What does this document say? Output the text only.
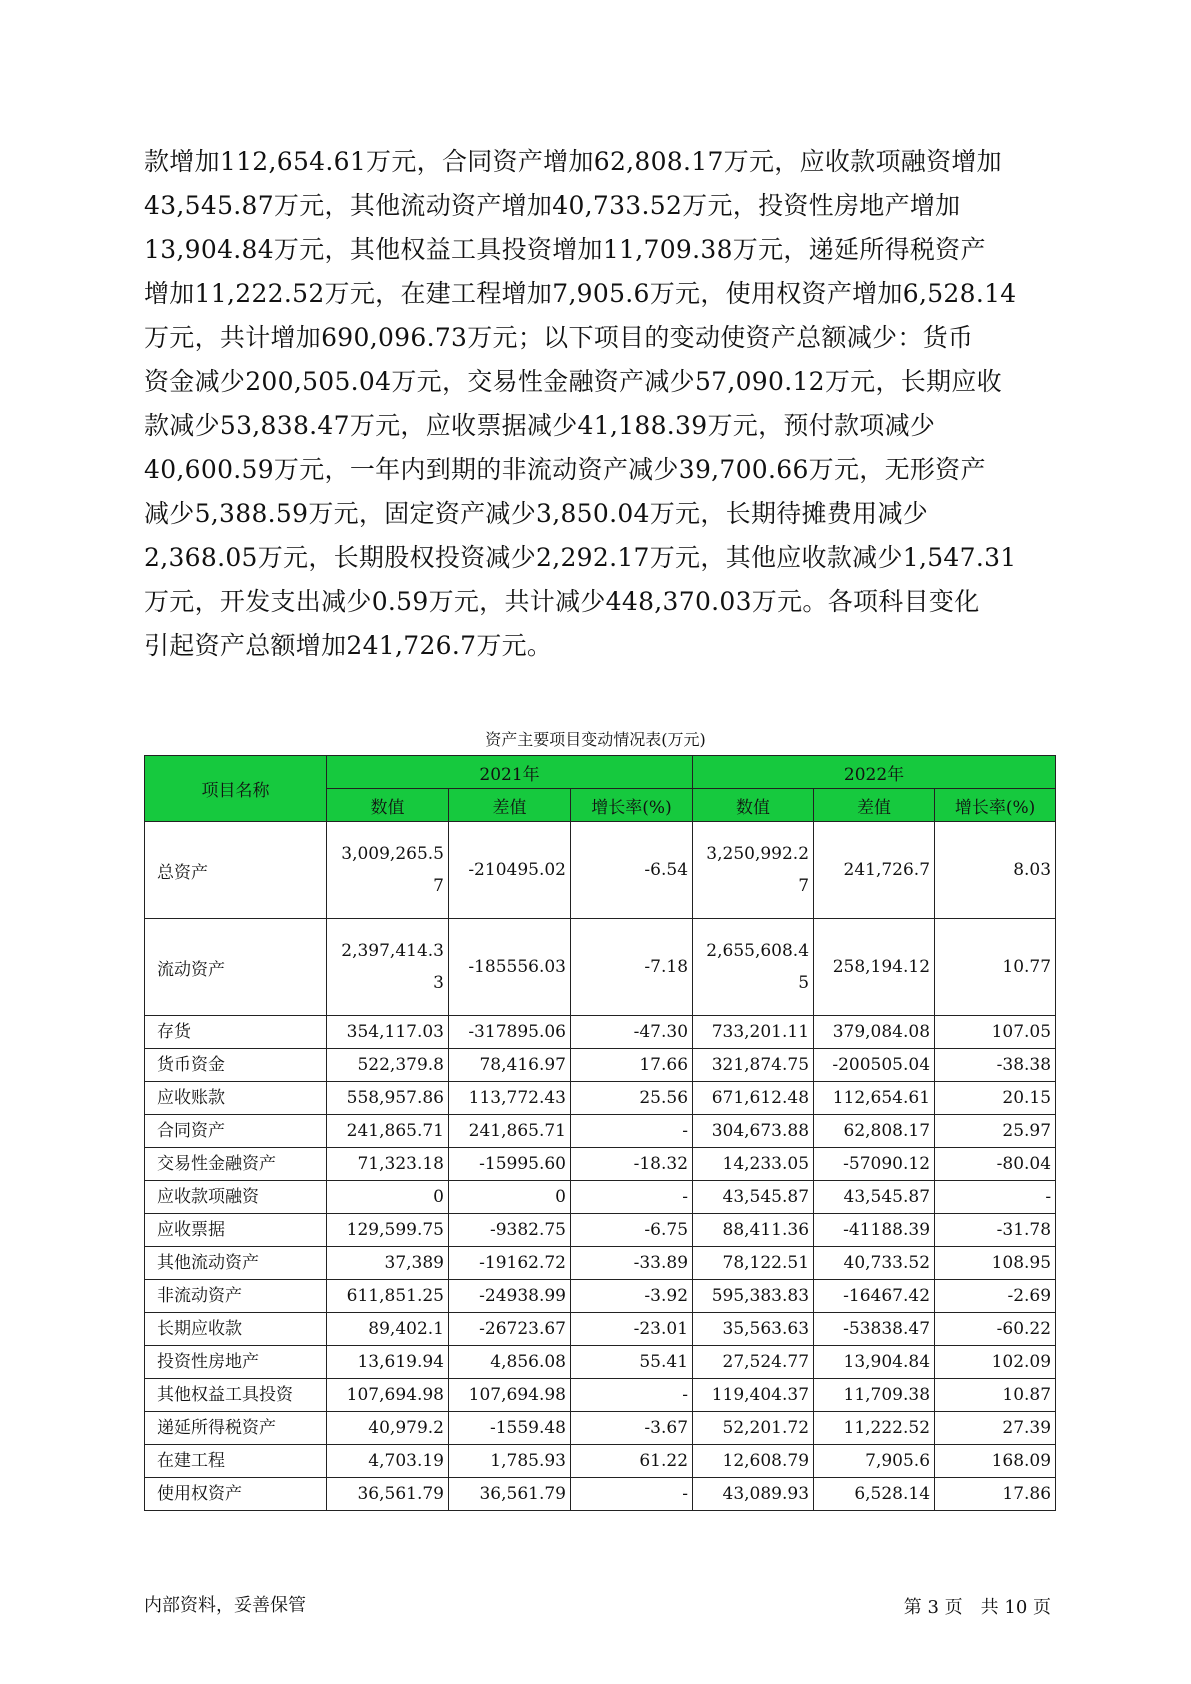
款增加112,654.61万元，合同资产增加62,808.17万元，应收款项融资增加
43,545.87万元，其他流动资产增加40,733.52万元，投资性房地产增加
13,904.84万元，其他权益工具投资增加11,709.38万元，递延所得税资产
增加11,222.52万元，在建工程增加7,905.6万元，使用权资产增加6,528.14
万元，共计增加690,096.73万元；以下项目的变动使资产总额减少：货币
资金减少200,505.04万元，交易性金融资产减少57,090.12万元，长期应收
款减少53,838.47万元，应收票据减少41,188.39万元，预付款项减少
40,600.59万元，一年内到期的非流动资产减少39,700.66万元，无形资产
减少5,388.59万元，固定资产减少3,850.04万元，长期待摊费用减少
2,368.05万元，长期股权投资减少2,292.17万元，其他应收款减少1,547.31
万元，开发支出减少0.59万元，共计减少448,370.03万元。各项科目变化
引起资产总额增加241,726.7万元。
资产主要项目变动情况表(万元)
项目名称	2021年			2022年		
	数值	差值	增长率(%)	数值	差值	增长率(%)
总资产	3,009,265.57	-210495.02	-6.54	3,250,992.27	241,726.7	8.03
流动资产	2,397,414.33	-185556.03	-7.18	2,655,608.45	258,194.12	10.77
存货	354,117.03	-317895.06	-47.30	733,201.11	379,084.08	107.05
货币资金	522,379.8	78,416.97	17.66	321,874.75	-200505.04	-38.38
应收账款	558,957.86	113,772.43	25.56	671,612.48	112,654.61	20.15
合同资产	241,865.71	241,865.71	-	304,673.88	62,808.17	25.97
交易性金融资产	71,323.18	-15995.60	-18.32	14,233.05	-57090.12	-80.04
应收款项融资	0	0	-	43,545.87	43,545.87	-
应收票据	129,599.75	-9382.75	-6.75	88,411.36	-41188.39	-31.78
其他流动资产	37,389	-19162.72	-33.89	78,122.51	40,733.52	108.95
非流动资产	611,851.25	-24938.99	-3.92	595,383.83	-16467.42	-2.69
长期应收款	89,402.1	-26723.67	-23.01	35,563.63	-53838.47	-60.22
投资性房地产	13,619.94	4,856.08	55.41	27,524.77	13,904.84	102.09
其他权益工具投资	107,694.98	107,694.98	-	119,404.37	11,709.38	10.87
递延所得税资产	40,979.2	-1559.48	-3.67	52,201.72	11,222.52	27.39
在建工程	4,703.19	1,785.93	61.22	12,608.79	7,905.6	168.09
使用权资产	36,561.79	36,561.79	-	43,089.93	6,528.14	17.86
内部资料，妥善保管	第 3 页　共 10 页
